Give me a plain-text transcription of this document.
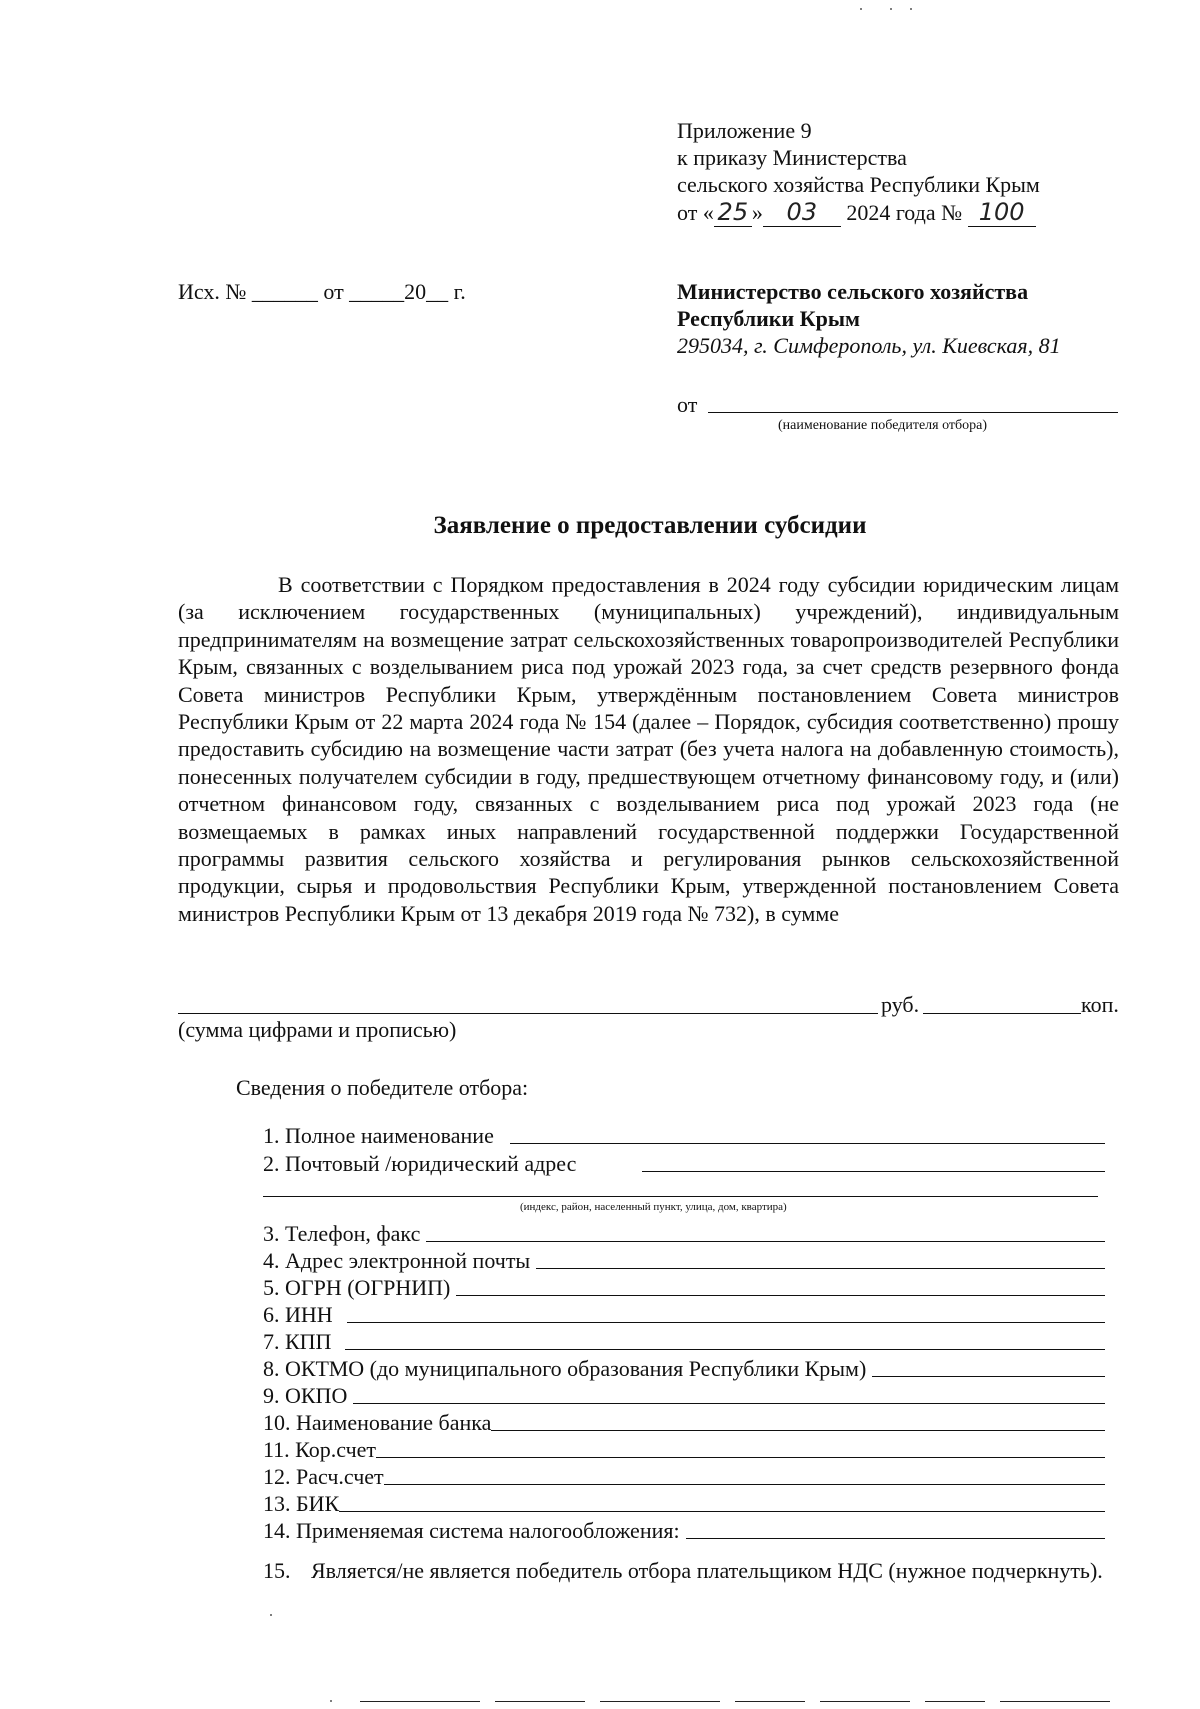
Приложение 9
к приказу Министерства
сельского хозяйства Республики Крым
от « 25 » 03 2024 года № 100
Исх. № ______ от _____20__ г.	Министерство сельского хозяйства
Республики Крым
295034, г. Симферополь, ул. Киевская, 81
от
(наименование победителя отбора)
Заявление о предоставлении субсидии

В соответствии с Порядком предоставления в 2024 году субсидии юридическим лицам (за исключением государственных (муниципальных) учреждений), индивидуальным предпринимателям на возмещение затрат сельскохозяйственных товаропроизводителей Республики Крым, связанных с возделыванием риса под урожай 2023 года, за счет средств резервного фонда Совета министров Республики Крым, утверждённым постановлением Совета министров Республики Крым от 22 марта 2024 года № 154 (далее – Порядок, субсидия соответственно) прошу предоставить субсидию на возмещение части затрат (без учета налога на добавленную стоимость), понесенных получателем субсидии в году, предшествующем отчетному финансовому году, и (или) отчетном финансовом году, связанных с возделыванием риса под урожай 2023 года (не возмещаемых в рамках иных направлений государственной поддержки Государственной программы развития сельского хозяйства и регулирования рынков сельскохозяйственной продукции, сырья и продовольствия Республики Крым, утвержденной постановлением Совета министров Республики Крым от 13 декабря 2019 года № 732), в сумме

руб.	коп.
(сумма цифрами и прописью)
Сведения о победителе отбора:
1. Полное наименование
2. Почтовый /юридический адрес
(индекс, район, населенный пункт, улица, дом, квартира)
3. Телефон, факс
4. Адрес электронной почты
5. ОГРН (ОГРНИП)
6. ИНН
7. КПП
8. ОКТМО (до муниципального образования Республики Крым)
9. ОКПО
10. Наименование банка
11. Кор.счет
12. Расч.счет
13. БИК
14. Применяемая система налогообложения:
15. Является/не является победитель отбора плательщиком НДС (нужное подчеркнуть).
